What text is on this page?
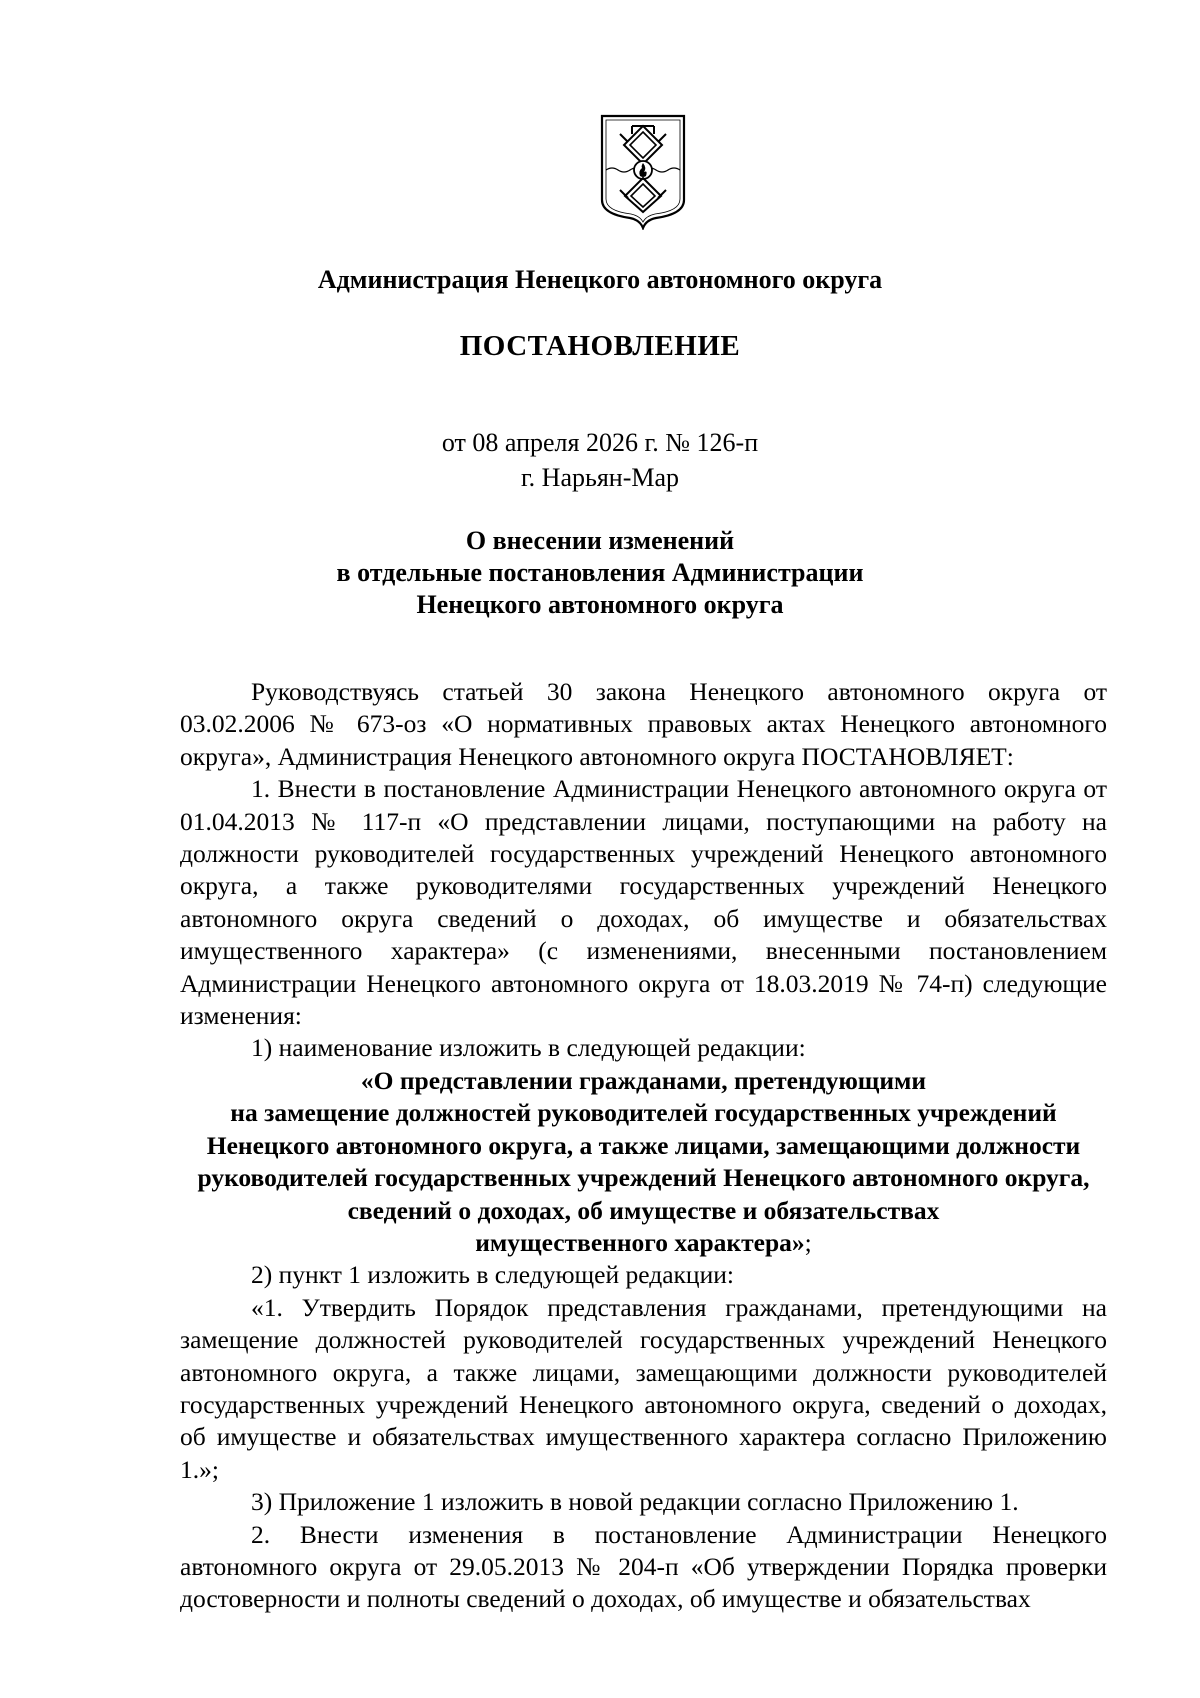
Администрация Ненецкого автономного округа
ПОСТАНОВЛЕНИЕ
от 08 апреля 2026 г. № 126-п
г. Нарьян-Мар
О внесении изменений
в отдельные постановления Администрации
Ненецкого автономного округа

Руководствуясь статьей 30 закона Ненецкого автономного округа от 03.02.2006 № 673-оз «О нормативных правовых актах Ненецкого автономного округа», Администрация Ненецкого автономного округа ПОСТАНОВЛЯЕТ:

1. Внести в постановление Администрации Ненецкого автономного округа от 01.04.2013 № 117-п «О представлении лицами, поступающими на работу на должности руководителей государственных учреждений Ненецкого автономного округа, а также руководителями государственных учреждений Ненецкого автономного округа сведений о доходах, об имуществе и обязательствах имущественного характера» (с изменениями, внесенными постановлением Администрации Ненецкого автономного округа от 18.03.2019 № 74-п) следующие изменения:

1) наименование изложить в следующей редакции:

«О представлении гражданами, претендующими
на замещение должностей руководителей государственных учреждений
Ненецкого автономного округа, а также лицами, замещающими должности
руководителей государственных учреждений Ненецкого автономного округа,
сведений о доходах, об имуществе и обязательствах
имущественного характера»;

2) пункт 1 изложить в следующей редакции:

«1. Утвердить Порядок представления гражданами, претендующими на замещение должностей руководителей государственных учреждений Ненецкого автономного округа, а также лицами, замещающими должности руководителей государственных учреждений Ненецкого автономного округа, сведений о доходах, об имуществе и обязательствах имущественного характера согласно Приложению 1.»;

3) Приложение 1 изложить в новой редакции согласно Приложению 1.

2. Внести изменения в постановление Администрации Ненецкого автономного округа от 29.05.2013 № 204-п «Об утверждении Порядка проверки достоверности и полноты сведений о доходах, об имуществе и обязательствах
